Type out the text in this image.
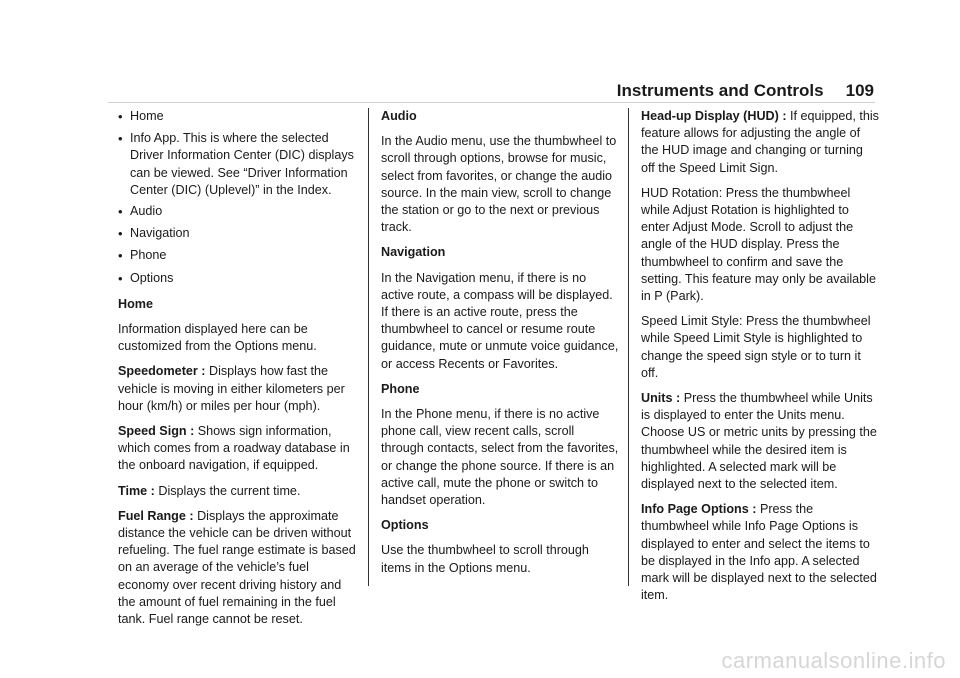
Instruments and Controls 109
•
Home
•
Info App. This is where the selected Driver Information Center (DIC) displays can be viewed. See “Driver Information Center (DIC) (Uplevel)” in the Index.
•
Audio
•
Navigation
•
Phone
•
Options

Home

Information displayed here can be customized from the Options menu.

Speedometer : Displays how fast the vehicle is moving in either kilometers per hour (km/h) or miles per hour (mph).

Speed Sign : Shows sign information, which comes from a roadway database in the onboard navigation, if equipped.

Time : Displays the current time.

Fuel Range : Displays the approximate distance the vehicle can be driven without refueling. The fuel range estimate is based on an average of the vehicle’s fuel economy over recent driving history and the amount of fuel remaining in the fuel tank. Fuel range cannot be reset.

Audio

In the Audio menu, use the thumbwheel to scroll through options, browse for music, select from favorites, or change the audio source. In the main view, scroll to change the station or go to the next or previous track.

Navigation

In the Navigation menu, if there is no active route, a compass will be displayed. If there is an active route, press the thumbwheel to cancel or resume route guidance, mute or unmute voice guidance, or access Recents or Favorites.

Phone

In the Phone menu, if there is no active phone call, view recent calls, scroll through contacts, select from the favorites, or change the phone source. If there is an active call, mute the phone or switch to handset operation.

Options

Use the thumbwheel to scroll through items in the Options menu.

Head-up Display (HUD) : If equipped, this feature allows for adjusting the angle of the HUD image and changing or turning off the Speed Limit Sign.

HUD Rotation: Press the thumbwheel while Adjust Rotation is highlighted to enter Adjust Mode. Scroll to adjust the angle of the HUD display. Press the thumbwheel to confirm and save the setting. This feature may only be available in P (Park).

Speed Limit Style: Press the thumbwheel while Speed Limit Style is highlighted to change the speed sign style or to turn it off.

Units : Press the thumbwheel while Units is displayed to enter the Units menu. Choose US or metric units by pressing the thumbwheel while the desired item is highlighted. A selected mark will be displayed next to the selected item.

Info Page Options : Press the thumbwheel while Info Page Options is displayed to enter and select the items to be displayed in the Info app. A selected mark will be displayed next to the selected item.

carmanualsonline.info
